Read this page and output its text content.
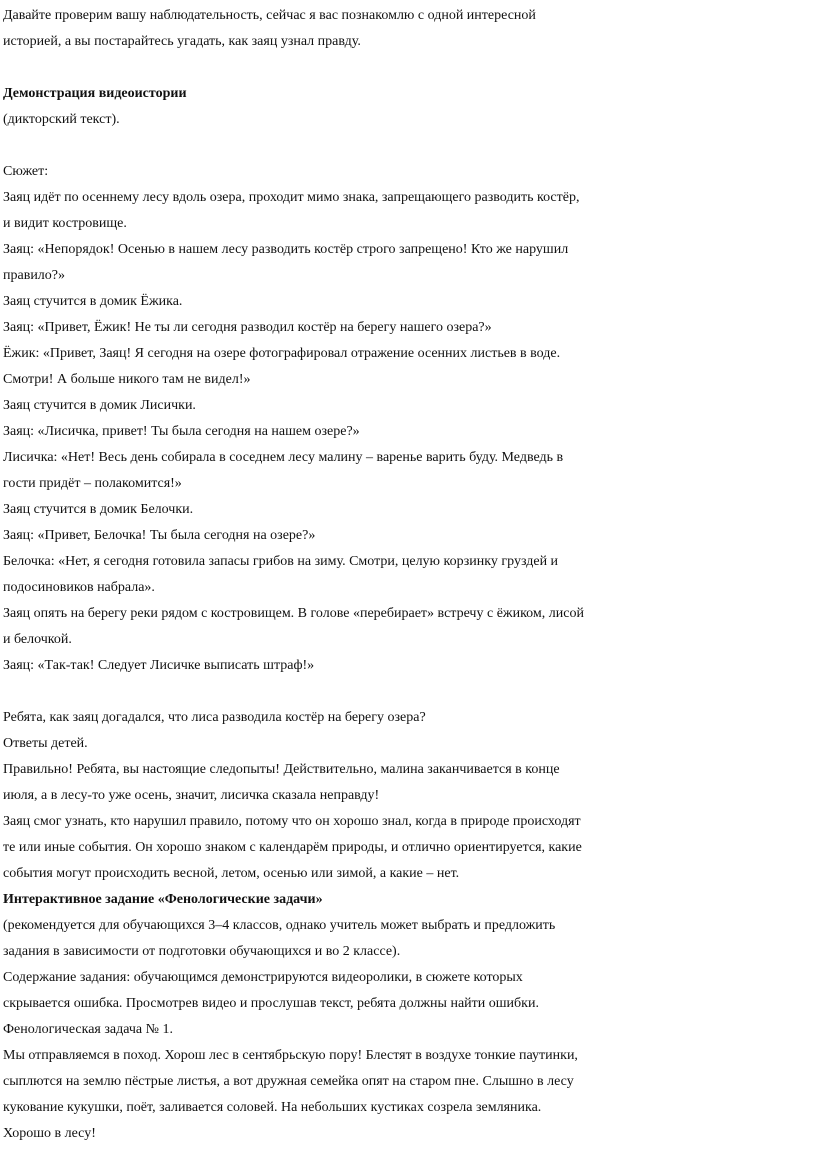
Давайте проверим вашу наблюдательность, сейчас я вас познакомлю с одной интересной
историей, а вы постарайтесь угадать, как заяц узнал правду.
Демонстрация видеоистории
(дикторский текст).
Сюжет:
Заяц идёт по осеннему лесу вдоль озера, проходит мимо знака, запрещающего разводить костёр,
и видит костровище.
Заяц: «Непорядок! Осенью в нашем лесу разводить костёр строго запрещено! Кто же нарушил
правило?»
Заяц стучится в домик Ёжика.
Заяц: «Привет, Ёжик! Не ты ли сегодня разводил костёр на берегу нашего озера?»
Ёжик: «Привет, Заяц! Я сегодня на озере фотографировал отражение осенних листьев в воде.
Смотри! А больше никого там не видел!»
Заяц стучится в домик Лисички.
Заяц: «Лисичка, привет! Ты была сегодня на нашем озере?»
Лисичка: «Нет! Весь день собирала в соседнем лесу малину – варенье варить буду. Медведь в
гости придёт – полакомится!»
Заяц стучится в домик Белочки.
Заяц: «Привет, Белочка! Ты была сегодня на озере?»
Белочка: «Нет, я сегодня готовила запасы грибов на зиму. Смотри, целую корзинку груздей и
подосиновиков набрала».
Заяц опять на берегу реки рядом с костровищем. В голове «перебирает» встречу с ёжиком, лисой
и белочкой.
Заяц: «Так-так! Следует Лисичке выписать штраф!»
Ребята, как заяц догадался, что лиса разводила костёр на берегу озера?
Ответы детей.
Правильно! Ребята, вы настоящие следопыты! Действительно, малина заканчивается в конце
июля, а в лесу-то уже осень, значит, лисичка сказала неправду!
Заяц смог узнать, кто нарушил правило, потому что он хорошо знал, когда в природе происходят
те или иные события. Он хорошо знаком с календарём природы, и отлично ориентируется, какие
события могут происходить весной, летом, осенью или зимой, а какие – нет.
Интерактивное задание «Фенологические задачи»
(рекомендуется для обучающихся 3–4 классов, однако учитель может выбрать и предложить
задания в зависимости от подготовки обучающихся и во 2 классе).
Содержание задания: обучающимся демонстрируются видеоролики, в сюжете которых
скрывается ошибка. Просмотрев видео и прослушав текст, ребята должны найти ошибки.
Фенологическая задача № 1.
Мы отправляемся в поход. Хорош лес в сентябрьскую пору! Блестят в воздухе тонкие паутинки,
сыплются на землю пёстрые листья, а вот дружная семейка опят на старом пне. Слышно в лесу
кукование кукушки, поёт, заливается соловей. На небольших кустиках созрела земляника.
Хорошо в лесу!
